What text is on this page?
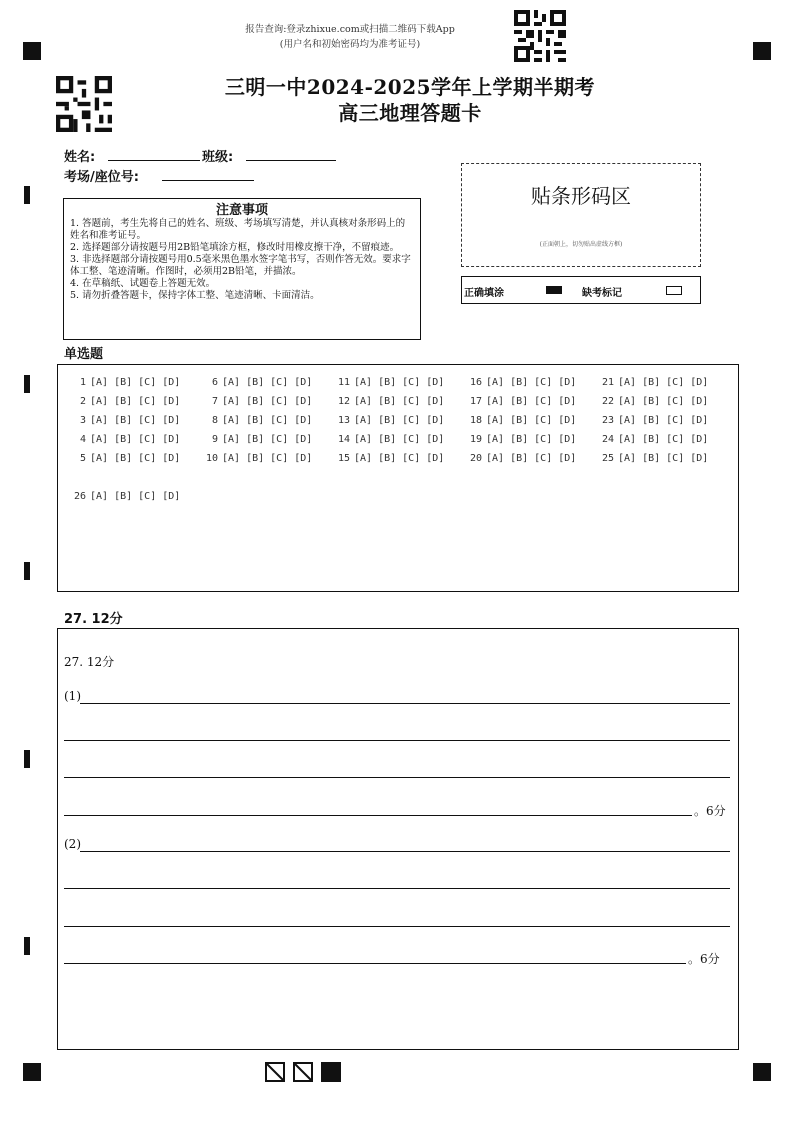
报告查询:登录zhixue.com或扫描二维码下载App
(用户名和初始密码均为准考证号)
三明一中2024-2025学年上学期半期考
高三地理答题卡
姓名:	班级:
考场/座位号:
注意事项

1. 答题前，考生先将自己的姓名、班级、考场填写清楚，并认真核对条形码上的姓名和准考证号。

2. 选择题部分请按题号用2B铅笔填涂方框，修改时用橡皮擦干净，不留痕迹。

3. 非选择题部分请按题号用0.5毫米黑色墨水签字笔书写，否则作答无效。要求字体工整、笔迹清晰。作图时，必须用2B铅笔，并描浓。

4. 在草稿纸、试题卷上答题无效。

5. 请勿折叠答题卡，保持字体工整、笔迹清晰、卡面清洁。

贴条形码区
(正面朝上，切勿贴出虚线方框)
正确填涂	缺考标记
单选题
1 [A] [B] [C] [D]
2 [A] [B] [C] [D]
3 [A] [B] [C] [D]
4 [A] [B] [C] [D]
5 [A] [B] [C] [D]
6 [A] [B] [C] [D]
7 [A] [B] [C] [D]
8 [A] [B] [C] [D]
9 [A] [B] [C] [D]
10 [A] [B] [C] [D]
11 [A] [B] [C] [D]
12 [A] [B] [C] [D]
13 [A] [B] [C] [D]
14 [A] [B] [C] [D]
15 [A] [B] [C] [D]
16 [A] [B] [C] [D]
17 [A] [B] [C] [D]
18 [A] [B] [C] [D]
19 [A] [B] [C] [D]
20 [A] [B] [C] [D]
21 [A] [B] [C] [D]
22 [A] [B] [C] [D]
23 [A] [B] [C] [D]
24 [A] [B] [C] [D]
25 [A] [B] [C] [D]
26 [A] [B] [C] [D]
27. 12分
27. 12分
(1)
。6分
(2)
。6分
